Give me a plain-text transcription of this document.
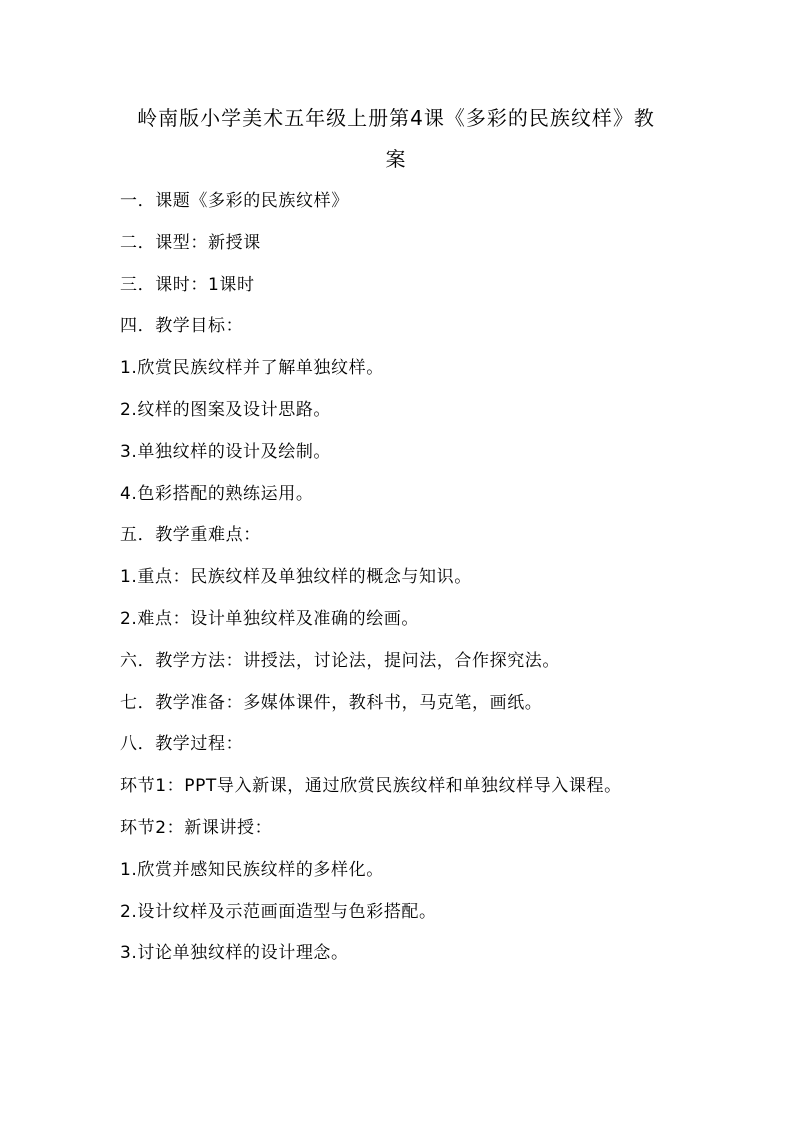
岭南版小学美术五年级上册第4课《多彩的民族纹样》教　案
一．课题《多彩的民族纹样》
二．课型：新授课
三．课时：1课时
四．教学目标：
1.欣赏民族纹样并了解单独纹样。
2.纹样的图案及设计思路。
3.单独纹样的设计及绘制。
4.色彩搭配的熟练运用。
五．教学重难点：
1.重点：民族纹样及单独纹样的概念与知识。
2.难点：设计单独纹样及准确的绘画。
六．教学方法：讲授法，讨论法，提问法，合作探究法。
七．教学准备：多媒体课件，教科书，马克笔，画纸。
八．教学过程：
环节1：PPT导入新课，通过欣赏民族纹样和单独纹样导入课程。
环节2：新课讲授：
1.欣赏并感知民族纹样的多样化。
2.设计纹样及示范画面造型与色彩搭配。
3.讨论单独纹样的设计理念。
